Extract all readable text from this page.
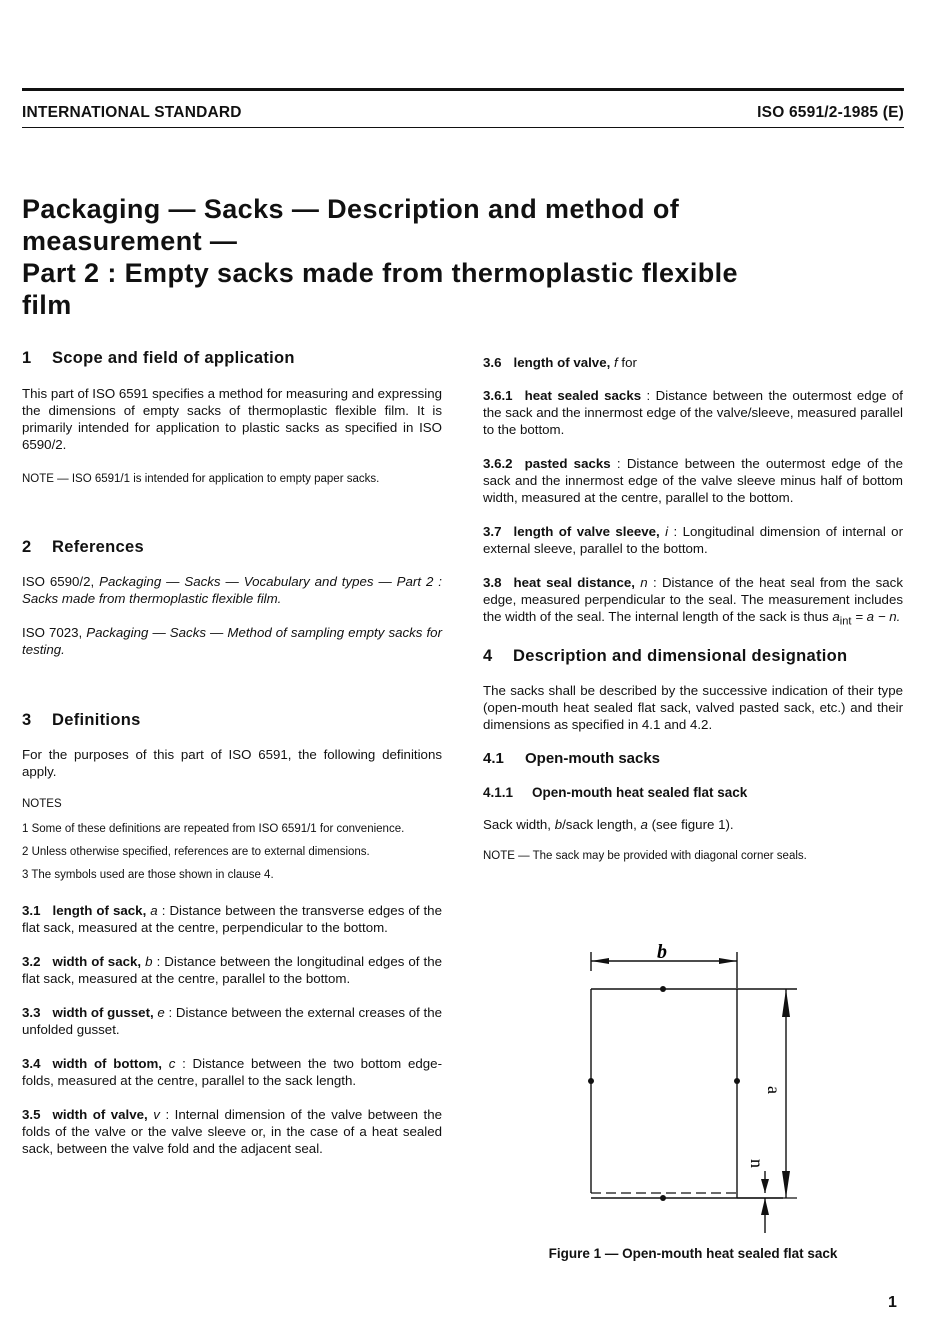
INTERNATIONAL STANDARD	ISO 6591/2-1985 (E)
Packaging — Sacks — Description and method of
measurement —
Part 2 : Empty sacks made from thermoplastic flexible
film
1 Scope and field of application

This part of ISO 6591 specifies a method for measuring and expressing the dimensions of empty sacks of thermoplastic flexible film. It is primarily intended for application to plastic sacks as specified in ISO 6590/2.

NOTE — ISO 6591/1 is intended for application to empty paper sacks.

2 References

ISO 6590/2, Packaging — Sacks — Vocabulary and types — Part 2 : Sacks made from thermoplastic flexible film.

ISO 7023, Packaging — Sacks — Method of sampling empty sacks for testing.

3 Definitions

For the purposes of this part of ISO 6591, the following definitions apply.

NOTES

1 Some of these definitions are repeated from ISO 6591/1 for convenience.

2 Unless otherwise specified, references are to external dimensions.

3 The symbols used are those shown in clause 4.

3.1 length of sack, a : Distance between the transverse edges of the flat sack, measured at the centre, perpendicular to the bottom.

3.2 width of sack, b : Distance between the longitudinal edges of the flat sack, measured at the centre, parallel to the bottom.

3.3 width of gusset, e : Distance between the external creases of the unfolded gusset.

3.4 width of bottom, c : Distance between the two bottom edge-folds, measured at the centre, parallel to the sack length.

3.5 width of valve, v : Internal dimension of the valve between the folds of the valve or the valve sleeve or, in the case of a heat sealed sack, between the valve fold and the adjacent seal.

3.6 length of valve, f for

3.6.1 heat sealed sacks : Distance between the outermost edge of the sack and the innermost edge of the valve/sleeve, measured parallel to the bottom.

3.6.2 pasted sacks : Distance between the outermost edge of the sack and the innermost edge of the valve sleeve minus half of bottom width, measured at the centre, parallel to the bottom.

3.7 length of valve sleeve, i : Longitudinal dimension of internal or external sleeve, parallel to the bottom.

3.8 heat seal distance, n : Distance of the heat seal from the sack edge, measured perpendicular to the seal. The measurement includes the width of the seal. The internal length of the sack is thus $a_{int} = a - n$.

4 Description and dimensional designation

The sacks shall be described by the successive indication of their type (open-mouth heat sealed flat sack, valved pasted sack, etc.) and their dimensions as specified in 4.1 and 4.2.

4.1 Open-mouth sacks
4.1.1 Open-mouth heat sealed flat sack

Sack width, b/sack length, a (see figure 1).

NOTE — The sack may be provided with diagonal corner seals.

b
a
n
Figure 1 — Open-mouth heat sealed flat sack
1
